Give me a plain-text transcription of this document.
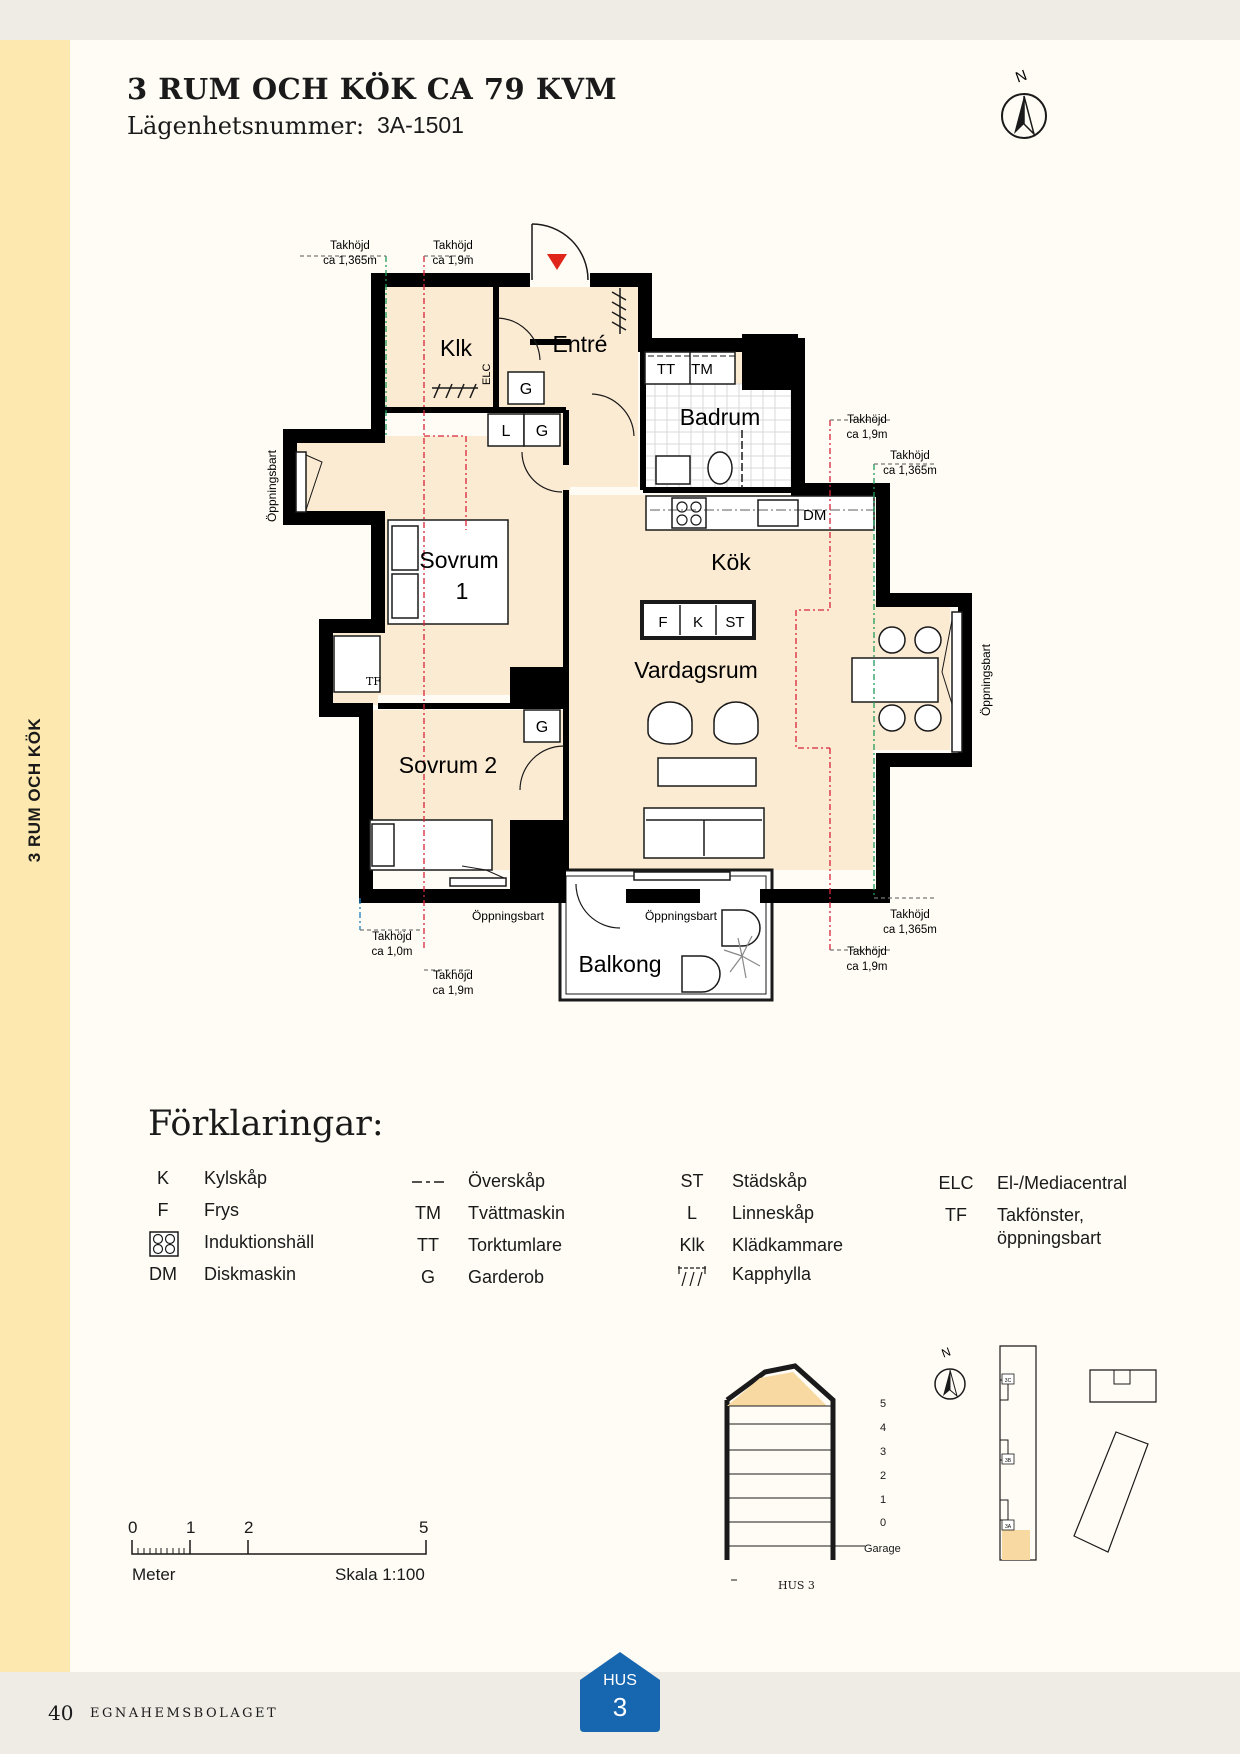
3 RUM OCH KÖK
3 RUM OCH KÖK CA 79 KVM
Lägenhetsnummer: 3A-1501
N
ELC
G
L G
TT TM
DM
F K ST
TF
G
Takhöjd
ca 1,365m
Takhöjd
ca 1,9m
Takhöjd
ca 1,9m
Takhöjd
ca 1,365m
Takhöjd
ca 1,365m
Takhöjd
ca 1,9m
Takhöjd
ca 1,0m
Takhöjd
ca 1,9m
Öppningsbart	Öppningsbart
Öppningsbart
Öppningsbart
Klk	Entré
Badrum
Sovrum
1
Kök
Vardagsrum
Sovrum 2
Balkong
Förklaringar:
K	Kylskåp
F	Frys
Induktionshäll
DM	Diskmaskin
Överskåp
TM	Tvättmaskin
TT	Torktumlare
G	Garderob
ST	Städskåp
L	Linneskåp
Klk	Klädkammare
Kapphylla
ELC El-/Mediacentral
TF	Takfönster,
öppningsbart
0	1	2	5
Meter	Skala 1:100
5
4
3
2
1
0
Garage
HUS 3
N
3C
3B
3A
40 EGNAHEMSBOLAGET
HUS
3
